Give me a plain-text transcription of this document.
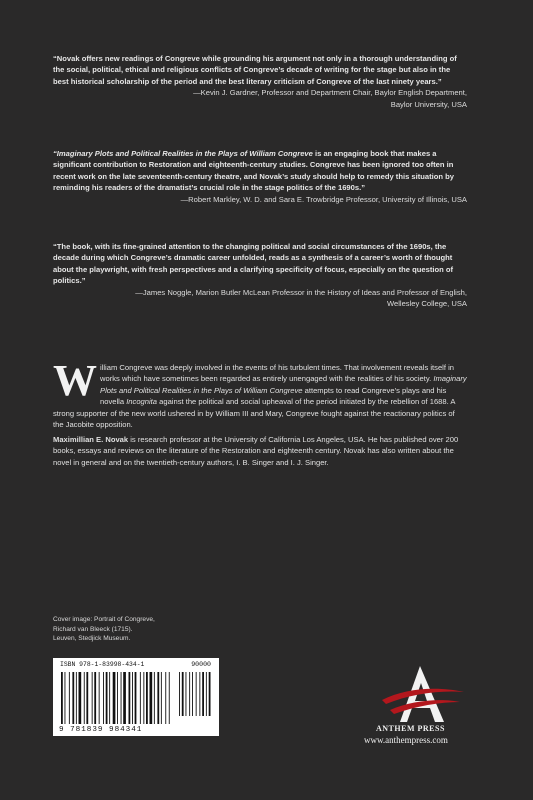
“Novak offers new readings of Congreve while grounding his argument not only in a thorough understanding of the social, political, ethical and religious conflicts of Congreve’s decade of writing for the stage but also in the best historical scholarship of the period and the best literary criticism of Congreve of the last ninety years.”
—Kevin J. Gardner, Professor and Department Chair, Baylor English Department,
Baylor University, USA
“Imaginary Plots and Political Realities in the Plays of William Congreve is an engaging book that makes a significant contribution to Restoration and eighteenth-century studies. Congreve has been ignored too often in recent work on the late seventeenth-century theatre, and Novak’s study should help to remedy this situation by reminding his readers of the dramatist’s crucial role in the stage politics of the 1690s.”
—Robert Markley, W. D. and Sara E. Trowbridge Professor, University of Illinois, USA
“The book, with its fine-grained attention to the changing political and social circumstances of the 1690s, the decade during which Congreve’s dramatic career unfolded, reads as a synthesis of a career’s worth of thought about the playwright, with fresh perspectives and a clarifying specificity of focus, especially on the question of politics.”
—James Noggle, Marion Butler McLean Professor in the History of Ideas and Professor of English,
Wellesley College, USA
W illiam Congreve was deeply involved in the events of his turbulent times. That involvement reveals itself in works which have sometimes been regarded as entirely unengaged with the realities of his society. Imaginary Plots and Political Realities in the Plays of William Congreve attempts to read Congreve’s plays and his novella Incognita against the political and social upheaval of the period initiated by the rebellion of 1688. A strong supporter of the new world ushered in by William III and Mary, Congreve fought against the reactionary politics of the Jacobite opposition.
Maximillian E. Novak is research professor at the University of California Los Angeles, USA. He has published over 200 books, essays and reviews on the literature of the Restoration and eighteenth century. Novak has also written about the novel in general and on the twentieth-century authors, I. B. Singer and I. J. Singer.
Cover image: Portrait of Congreve,
Richard van Bleeck (1715).
Leuven, Stedjick Museum.
ISBN 978-1-83998-434-1	90000
9 781839 984341	ANTHEM PRESS
www.anthempress.com
